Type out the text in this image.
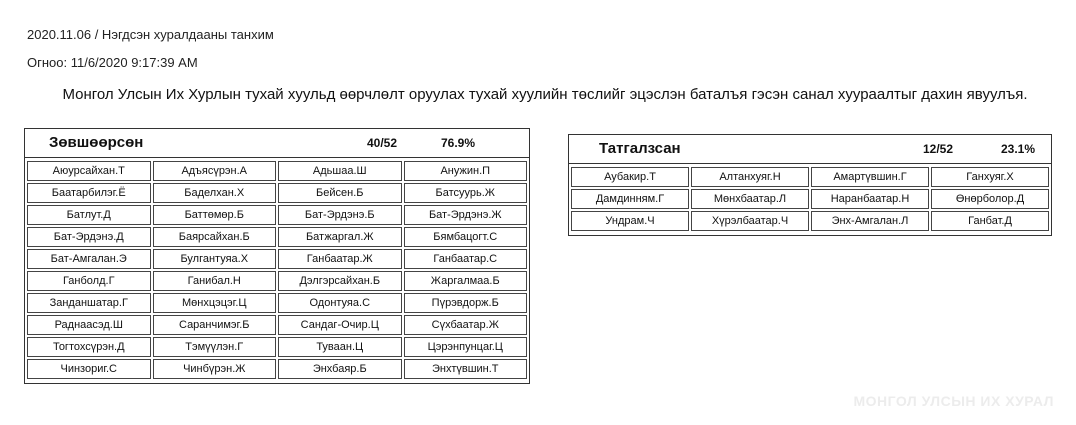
2020.11.06 / Нэгдсэн хуралдааны танхим
Огноо: 11/6/2020 9:17:39 AM
Монгол Улсын Их Хурлын тухай хуульд өөрчлөлт оруулах тухай хуулийн төслийг эцэслэн баталъя гэсэн санал хуураалтыг дахин явуулъя.
Зөвшөөрсөн	40/52	76.9%
Аюурсайхан.Т	Адъясүрэн.А	Адьшаа.Ш	Анужин.П
Баатарбилэг.Ё	Баделхан.Х	Бейсен.Б	Батсуурь.Ж
Батлут.Д	Баттөмөр.Б	Бат-Эрдэнэ.Б	Бат-Эрдэнэ.Ж
Бат-Эрдэнэ.Д	Баярсайхан.Б	Батжаргал.Ж	Бямбацогт.С
Бат-Амгалан.Э	Булгантуяа.Х	Ганбаатар.Ж	Ганбаатар.С
Ганболд.Г	Ганибал.Н	Дэлгэрсайхан.Б	Жаргалмаа.Б
Занданшатар.Г	Мөнхцэцэг.Ц	Одонтуяа.С	Пүрэвдорж.Б
Раднаасэд.Ш	Саранчимэг.Б	Сандаг-Очир.Ц	Сүхбаатар.Ж
Тогтохсүрэн.Д	Тэмүүлэн.Г	Туваан.Ц	Цэрэнпунцаг.Ц
Чинзориг.С	Чинбүрэн.Ж	Энхбаяр.Б	Энхтүвшин.Т
Татгалзсан	12/52	23.1%
Аубакир.Т	Алтанхуяг.Н	Амартүвшин.Г	Ганхуяг.Х
Дамдинням.Г	Мөнхбаатар.Л	Наранбаатар.Н	Өнөрболор.Д
Ундрам.Ч	Хүрэлбаатар.Ч	Энх-Амгалан.Л	Ганбат.Д
МОНГОЛ УЛСЫН ИХ ХУРАЛ
